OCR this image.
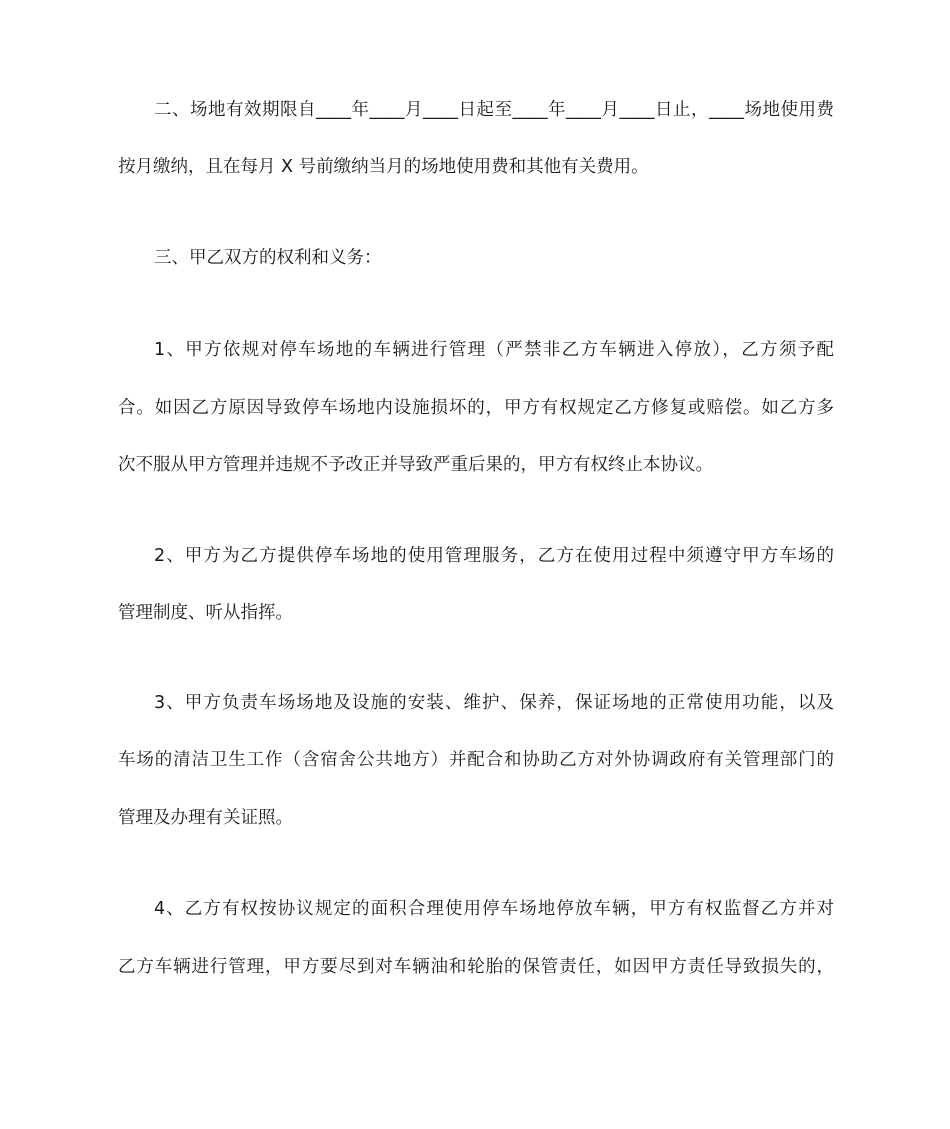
二、场地有效期限自____年____月____日起至____年____月____日止，____场地使用费
按月缴纳，且在每月 X 号前缴纳当月的场地使用费和其他有关费用。
三、甲乙双方的权利和义务：
1、甲方依规对停车场地的车辆进行管理（严禁非乙方车辆进入停放），乙方须予配
合。如因乙方原因导致停车场地内设施损坏的，甲方有权规定乙方修复或赔偿。如乙方多
次不服从甲方管理并违规不予改正并导致严重后果的，甲方有权终止本协议。
2、甲方为乙方提供停车场地的使用管理服务，乙方在使用过程中须遵守甲方车场的
管理制度、听从指挥。
3、甲方负责车场场地及设施的安装、维护、保养，保证场地的正常使用功能，以及
车场的清洁卫生工作（含宿舍公共地方）并配合和协助乙方对外协调政府有关管理部门的
管理及办理有关证照。
4、乙方有权按协议规定的面积合理使用停车场地停放车辆，甲方有权监督乙方并对
乙方车辆进行管理，甲方要尽到对车辆油和轮胎的保管责任，如因甲方责任导致损失的，
